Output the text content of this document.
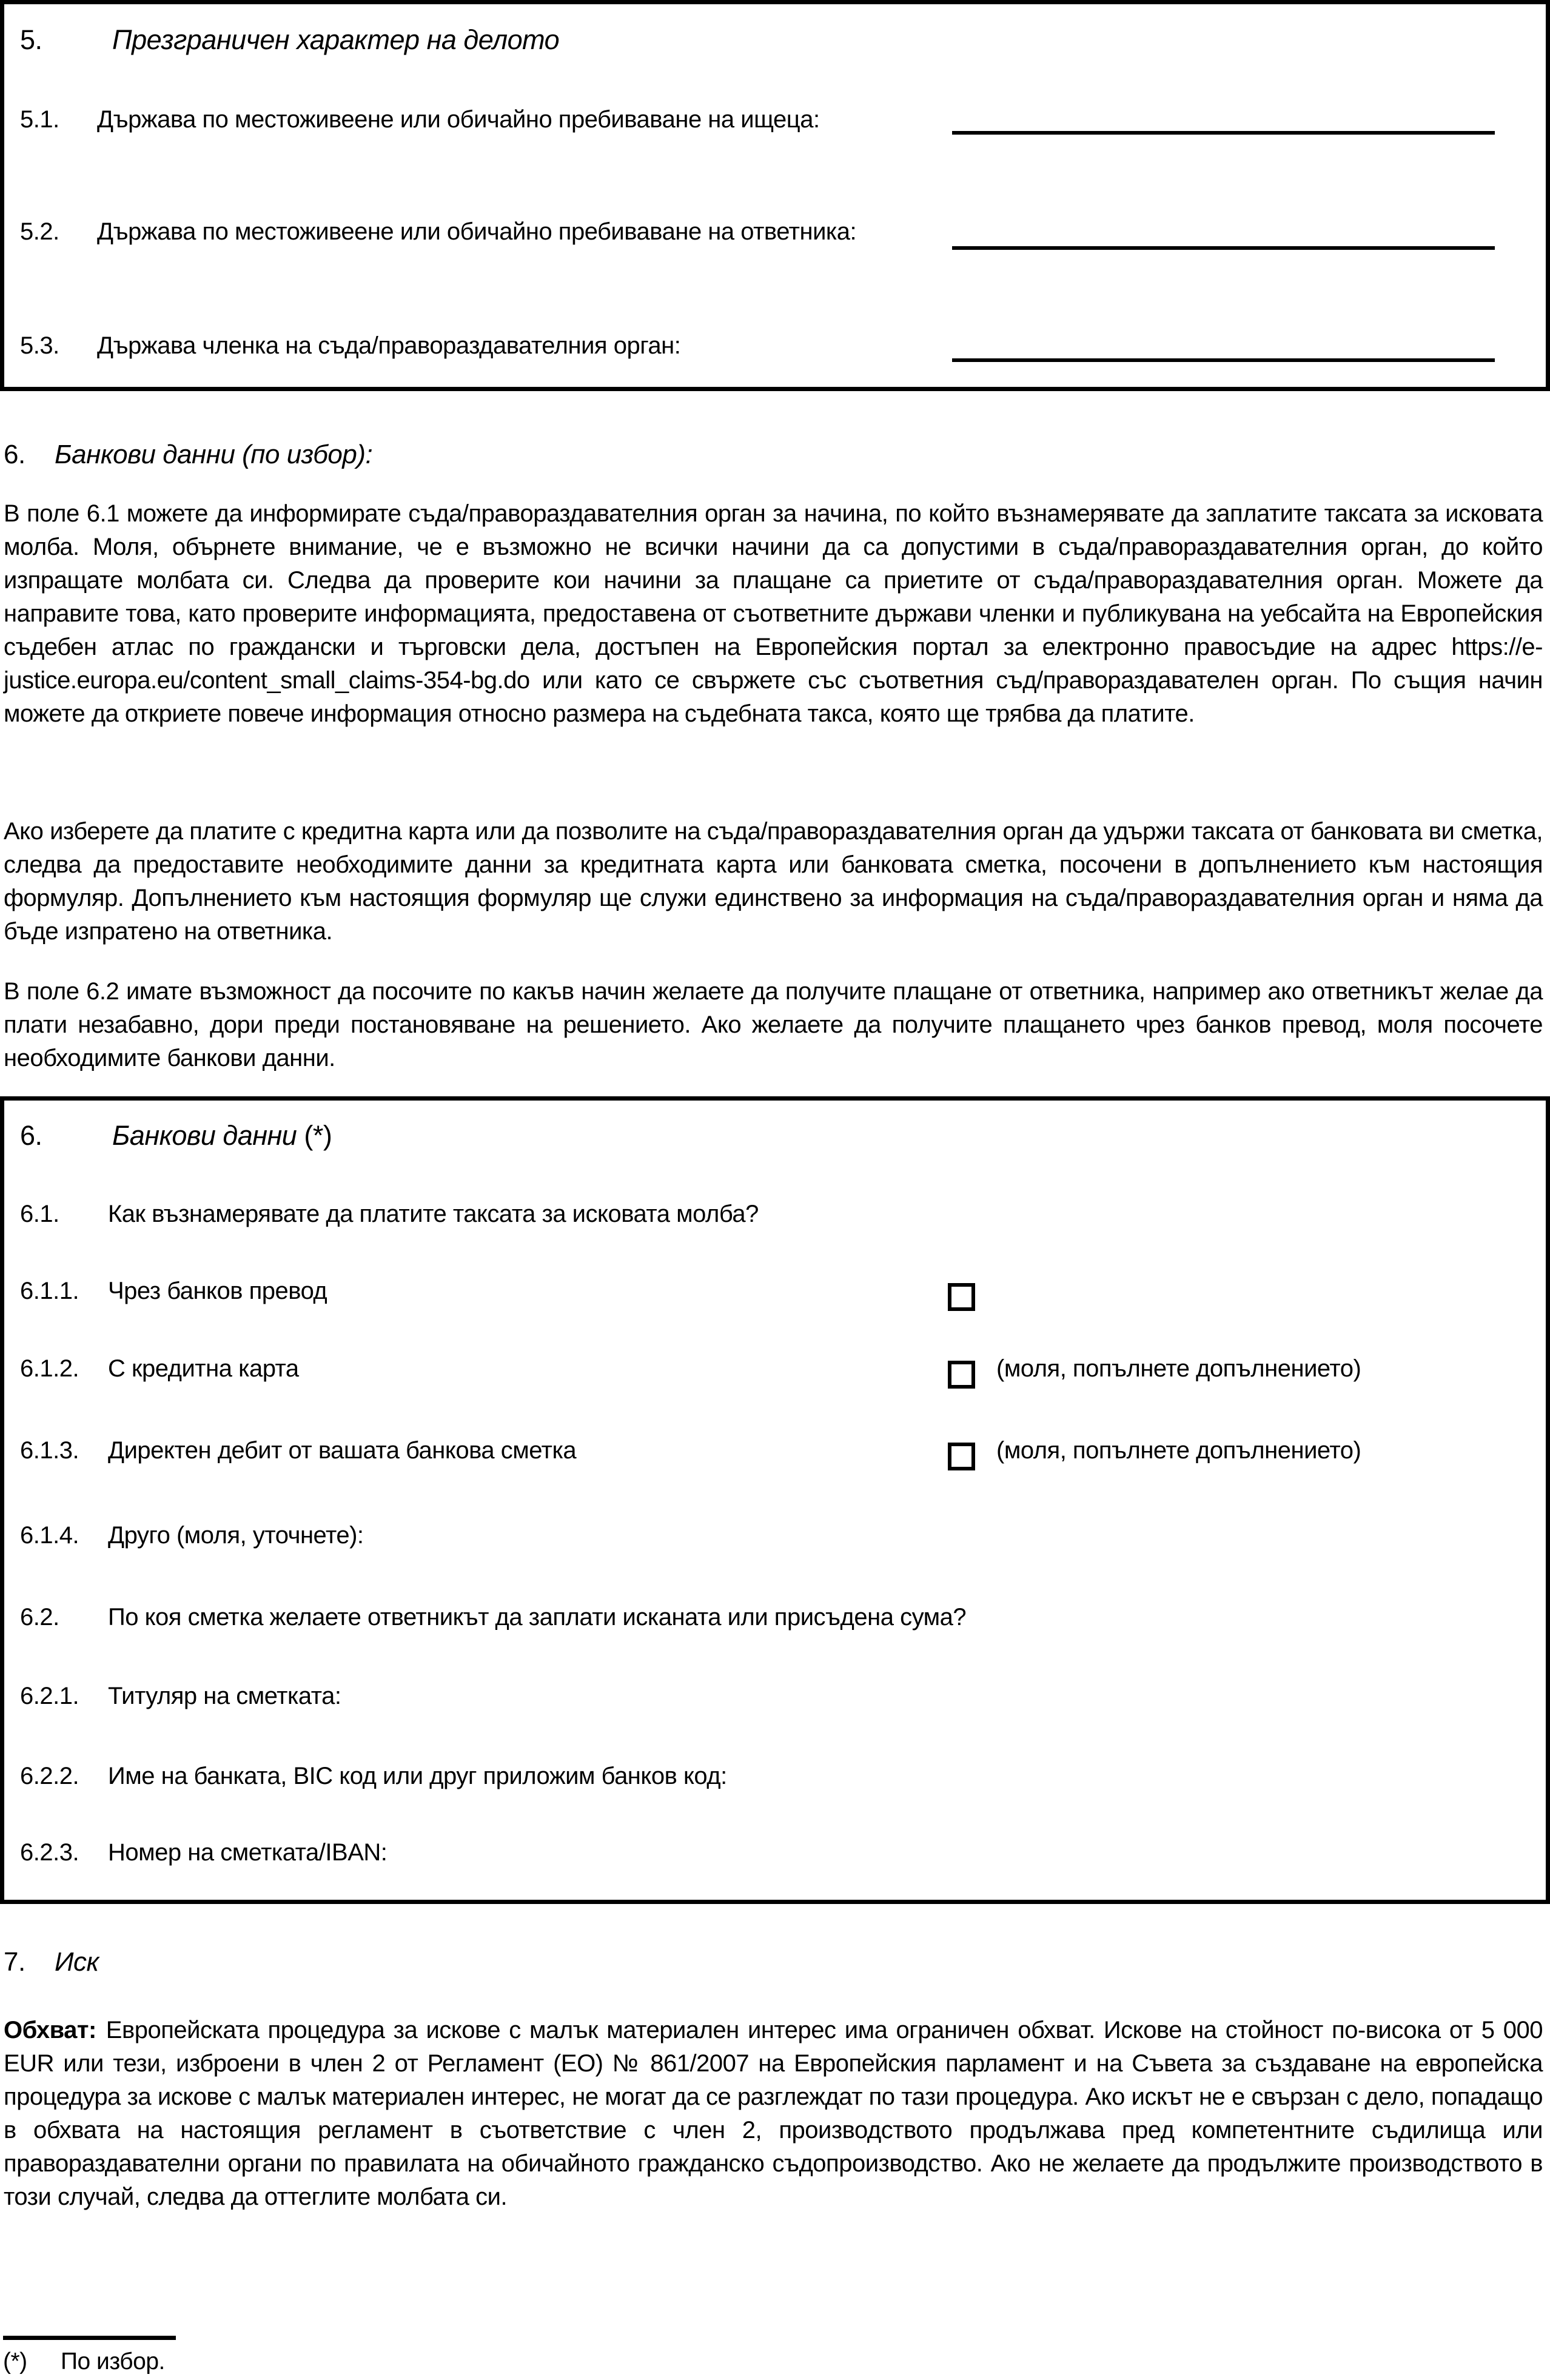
5.	Презграничен характер на делото
5.1.	Държава по местоживеене или обичайно пребиваване на ищеца:
5.2.	Държава по местоживеене или обичайно пребиваване на ответника:
5.3.	Държава членка на съда/правораздавателния орган:
6.	Банкови данни (по избор):
В поле 6.1 можете да информирате съда/правораздавателния орган за начина, по който възнамерявате да заплатите таксата за исковата молба. Моля, обърнете внимание, че е възможно не всички начини да са допустими в съда/правораздавателния орган, до който изпращате молбата си. Следва да проверите кои начини за плащане са приетите от съда/правораздавателния орган. Можете да направите това, като проверите информацията, предоставена от съответните държави членки и публикувана на уебсайта на Европейския съдебен атлас по граждански и търговски дела, достъпен на Европейския портал за електронно правосъдие на адрес https://e-justice.europa.eu/content_small_claims-354-bg.do или като се свържете със съответния съд/правораздавателен орган. По същия начин можете да откриете повече информация относно размера на съдебната такса, която ще трябва да платите.
Ако изберете да платите с кредитна карта или да позволите на съда/правораздавателния орган да удържи таксата от банковата ви сметка, следва да предоставите необходимите данни за кредитната карта или банковата сметка, посочени в допълнението към настоящия формуляр. Допълнението към настоящия формуляр ще служи единствено за информация на съда/правораздавателния орган и няма да бъде изпратено на ответника.
В поле 6.2 имате възможност да посочите по какъв начин желаете да получите плащане от ответника, например ако ответникът желае да плати незабавно, дори преди постановяване на решението. Ако желаете да получите плащането чрез банков превод, моля посочете необходимите банкови данни.
6.	Банкови данни (*)
6.1.	Как възнамерявате да платите таксата за исковата молба?
6.1.1.	Чрез банков превод
6.1.2.	С кредитна карта	(моля, попълнете допълнението)
6.1.3.	Директен дебит от вашата банкова сметка	(моля, попълнете допълнението)
6.1.4.	Друго (моля, уточнете):
6.2.	По коя сметка желаете ответникът да заплати исканата или присъдена сума?
6.2.1.	Титуляр на сметката:
6.2.2.	Име на банката, BIC код или друг приложим банков код:
6.2.3.	Номер на сметката/IBAN:
7.	Иск
Обхват: Европейската процедура за искове с малък материален интерес има ограничен обхват. Искове на стойност по-висока от 5 000 EUR или тези, изброени в член 2 от Регламент (ЕО) № 861/2007 на Европейския парламент и на Съвета за създаване на европейска процедура за искове с малък материален интерес, не могат да се разглеждат по тази процедура. Ако искът не е свързан с дело, попадащо в обхвата на настоящия регламент в съответствие с член 2, производството продължава пред компетентните съдилища или правораздавателни органи по правилата на обичайното гражданско съдопроизводство. Ако не желаете да продължите производството в този случай, следва да оттеглите молбата си.
(*)	По избор.
